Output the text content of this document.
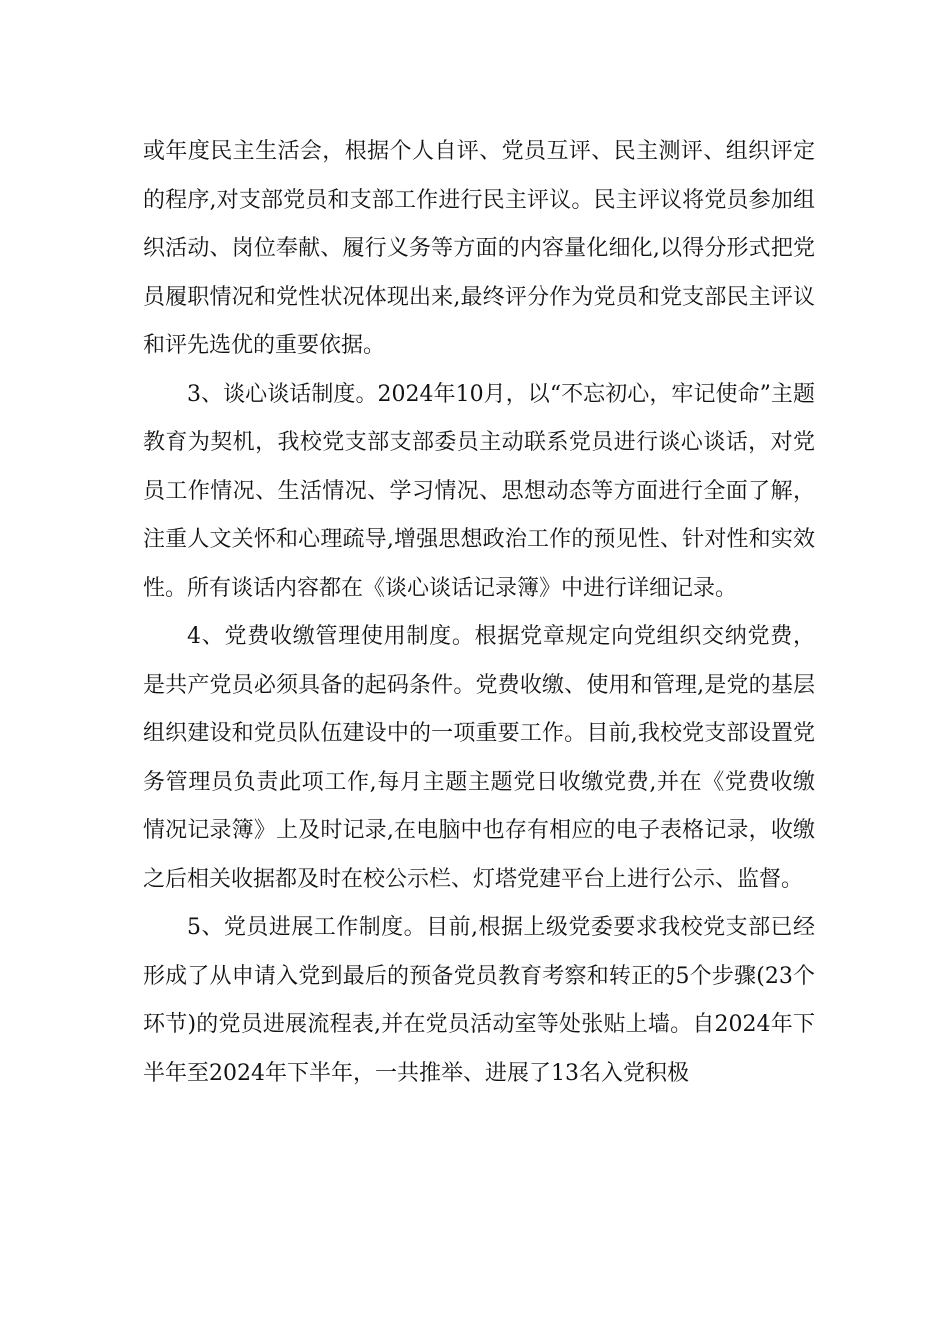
或年度民主生活会，根据个人自评、党员互评、民主测评、组织评定的程序,对支部党员和支部工作进行民主评议。民主评议将党员参加组织活动、岗位奉献、履行义务等方面的内容量化细化,以得分形式把党员履职情况和党性状况体现出来,最终评分作为党员和党支部民主评议和评先选优的重要依据。

3、谈心谈话制度。2024年10月，以“不忘初心，牢记使命”主题教育为契机，我校党支部支部委员主动联系党员进行谈心谈话，对党员工作情况、生活情况、学习情况、思想动态等方面进行全面了解，注重人文关怀和心理疏导,增强思想政治工作的预见性、针对性和实效性。所有谈话内容都在《谈心谈话记录簿》中进行详细记录。

4、党费收缴管理使用制度。根据党章规定向党组织交纳党费，是共产党员必须具备的起码条件。党费收缴、使用和管理,是党的基层组织建设和党员队伍建设中的一项重要工作。目前,我校党支部设置党务管理员负责此项工作,每月主题主题党日收缴党费,并在《党费收缴情况记录簿》上及时记录,在电脑中也存有相应的电子表格记录，收缴之后相关收据都及时在校公示栏、灯塔党建平台上进行公示、监督。

5、党员进展工作制度。目前,根据上级党委要求我校党支部已经形成了从申请入党到最后的预备党员教育考察和转正的5个步骤(23个环节)的党员进展流程表,并在党员活动室等处张贴上墙。自2024年下半年至2024年下半年，一共推举、进展了13名入党积极
